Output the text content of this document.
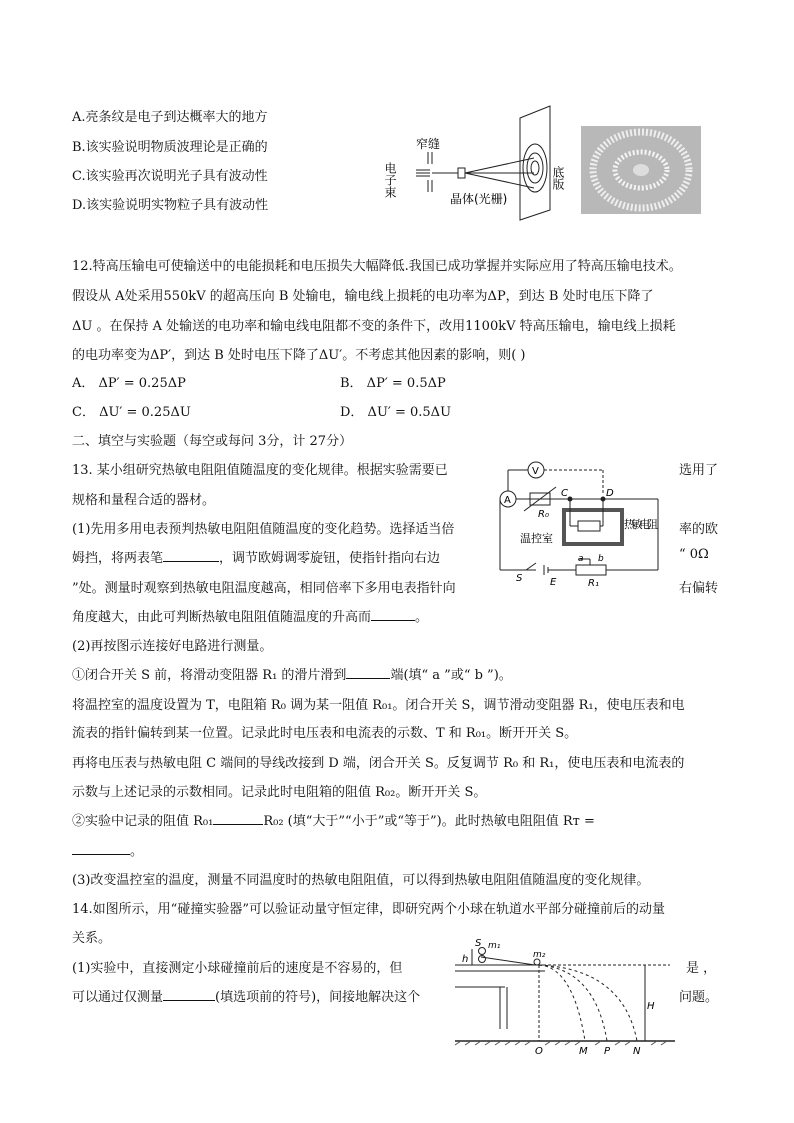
A.亮条纹是电子到达概率大的地方
B.该实验说明物质波理论是正确的
C.该实验再次说明光子具有波动性
D.该实验说明实物粒子具有波动性
窄缝
电子束
晶体(光栅)
底版
12.特高压输电可使输送中的电能损耗和电压损失大幅降低.我国已成功掌握并实际应用了特高压输电技术。
假设从 A处采用550kV 的超高压向 B 处输电，输电线上损耗的电功率为ΔP，到达 B 处时电压下降了
ΔU 。在保持 A 处输送的电功率和输电线电阻都不变的条件下，改用1100kV 特高压输电，输电线上损耗
的电功率变为ΔP′，到达 B 处时电压下降了ΔU′。不考虑其他因素的影响，则( )
A． ΔP′ = 0.25ΔP	B． ΔP′ = 0.5ΔP
C． ΔU′ = 0.25ΔU	D． ΔU′ = 0.5ΔU
二、填空与实验题（每空或每问 3分，计 27分）
13. 某小组研究热敏电阻阻值随温度的变化规律。根据实验需要已	选用了
规格和量程合适的器材。
(1)先用多用电表预判热敏电阻阻值随温度的变化趋势。选择适当倍	率的欧
姆挡，将两表笔	，调节欧姆调零旋钮，使指针指向右边	“ 0Ω
”处。测量时观察到热敏电阻温度越高，相同倍率下多用电表指针向	右偏转
角度越大，由此可判断热敏电阻阻值随温度的升高而	。
(2)再按图示连接好电路进行测量。
①闭合开关 S 前，将滑动变阻器 R₁ 的滑片滑到	端(填“ a ”或“ b ”)。
将温控室的温度设置为 T，电阻箱 R₀ 调为某一阻值 R₀₁。闭合开关 S，调节滑动变阻器 R₁，使电压表和电
流表的指针偏转到某一位置。记录此时电压表和电流表的示数、T 和 R₀₁。断开开关 S。
再将电压表与热敏电阻 C 端间的导线改接到 D 端，闭合开关 S。反复调节 R₀ 和 R₁，使电压表和电流表的
示数与上述记录的示数相同。记录此时电阻箱的阻值 R₀₂。断开开关 S。
②实验中记录的阻值 R₀₁	R₀₂ (填“大于”“小于”或“等于”)。此时热敏电阻阻值 Rᴛ =
。
(3)改变温控室的温度，测量不同温度时的热敏电阻阻值，可以得到热敏电阻阻值随温度的变化规律。
A
V
R₀
C	D
温控室
热敏电阻
S	E
a b
R₁
14.如图所示，用“碰撞实验器”可以验证动量守恒定律，即研究两个小球在轨道水平部分碰撞前后的动量
关系。
(1)实验中，直接测定小球碰撞前后的速度是不容易的，但	是 ，
可以通过仅测量	(填选项前的符号)，间接地解决这个	问题。
S m₁
m₂
h
H
O	M P N
